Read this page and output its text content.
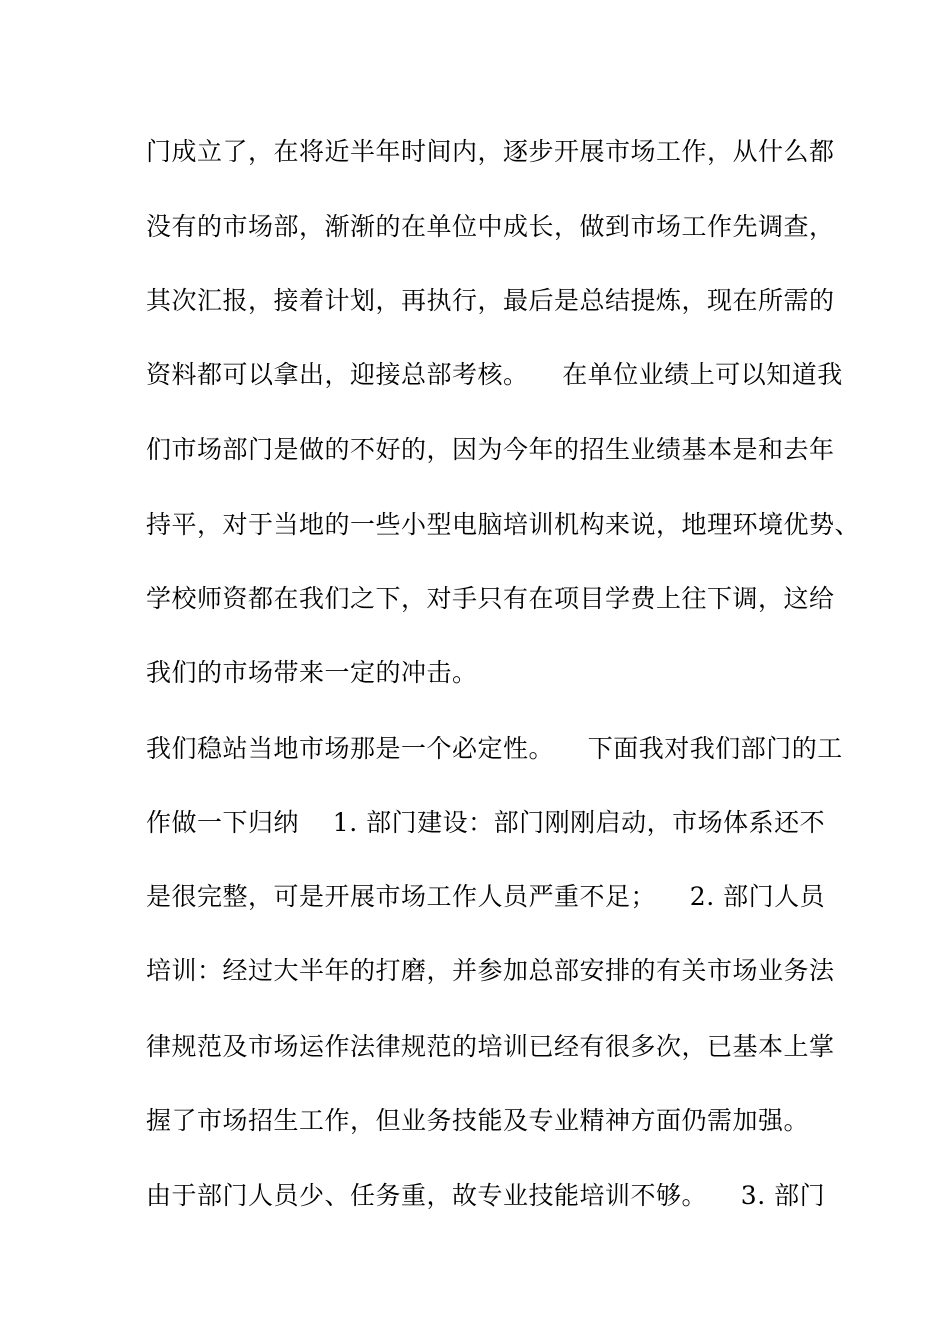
门成立了，在将近半年时间内，逐步开展市场工作，从什么都
没有的市场部，渐渐的在单位中成长，做到市场工作先调查，
其次汇报，接着计划，再执行，最后是总结提炼，现在所需的
资料都可以拿出，迎接总部考核。    在单位业绩上可以知道我
们市场部门是做的不好的，因为今年的招生业绩基本是和去年
持平，对于当地的一些小型电脑培训机构来说，地理环境优势、
学校师资都在我们之下，对手只有在项目学费上往下调，这给
我们的市场带来一定的冲击。
我们稳站当地市场那是一个必定性。    下面我对我们部门的工
作做一下归纳    1. 部门建设：部门刚刚启动，市场体系还不
是很完整，可是开展市场工作人员严重不足；    2. 部门人员
培训：经过大半年的打磨，并参加总部安排的有关市场业务法
律规范及市场运作法律规范的培训已经有很多次，已基本上掌
握了市场招生工作，但业务技能及专业精神方面仍需加强。
由于部门人员少、任务重，故专业技能培训不够。    3. 部门
